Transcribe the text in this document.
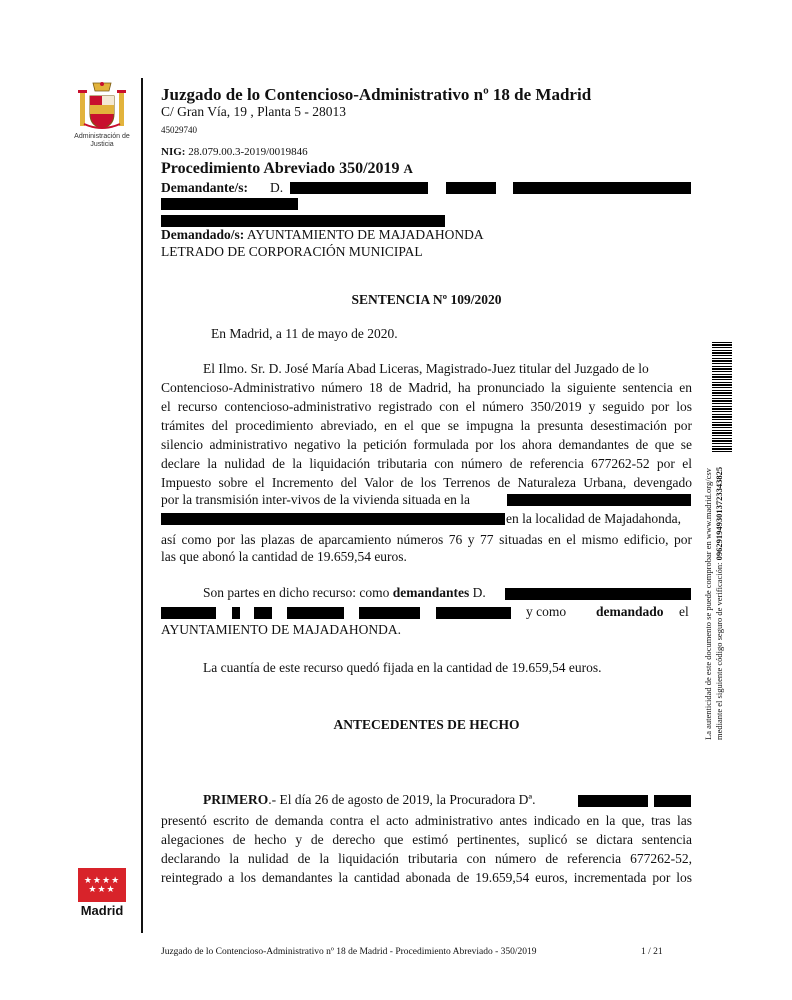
Administración de Justicia
Juzgado de lo Contencioso-Administrativo nº 18 de Madrid
C/ Gran Vía, 19 , Planta 5 - 28013
45029740
NIG: 28.079.00.3-2019/0019846
Procedimiento Abreviado 350/2019 A
Demandante/s: D.
Demandado/s: AYUNTAMIENTO DE MAJADAHONDA
LETRADO DE CORPORACIÓN MUNICIPAL
SENTENCIA Nº 109/2020
En Madrid, a 11 de mayo de 2020.
El Ilmo. Sr. D. José María Abad Liceras, Magistrado-Juez titular del Juzgado de lo
Contencioso-Administrativo número 18 de Madrid, ha pronunciado la siguiente sentencia en
el recurso contencioso-administrativo registrado con el número 350/2019 y seguido por los
trámites del procedimiento abreviado, en el que se impugna la presunta desestimación por
silencio administrativo negativo la petición formulada por los ahora demandantes de que se
declare la nulidad de la liquidación tributaria con número de referencia 677262-52 por el
Impuesto sobre el Incremento del Valor de los Terrenos de Naturaleza Urbana, devengado
por la transmisión inter-vivos de la vivienda situada en la
en la localidad de Majadahonda,
así como por las plazas de aparcamiento números 76 y 77 situadas en el mismo edificio, por
las que abonó la cantidad de 19.659,54 euros.
Son partes en dicho recurso: como demandantes D.
y como demandado el
AYUNTAMIENTO DE MAJADAHONDA.
La cuantía de este recurso quedó fijada en la cantidad de 19.659,54 euros.
ANTECEDENTES DE HECHO
PRIMERO.- El día 26 de agosto de 2019, la Procuradora Dª.
presentó escrito de demanda contra el acto administrativo antes indicado en la que, tras las
alegaciones de hecho y de derecho que estimó pertinentes, suplicó se dictara sentencia
declarando la nulidad de la liquidación tributaria con número de referencia 677262-52,
reintegrado a los demandantes la cantidad abonada de 19.659,54 euros, incrementada por los
La autenticidad de este documento se puede comprobar en www.madrid.org/csv mediante el siguiente código seguro de verificación: 0962919493013723343825
★★★★
★★★
Madrid
Juzgado de lo Contencioso-Administrativo nº 18 de Madrid - Procedimiento Abreviado - 350/2019	1 / 21
